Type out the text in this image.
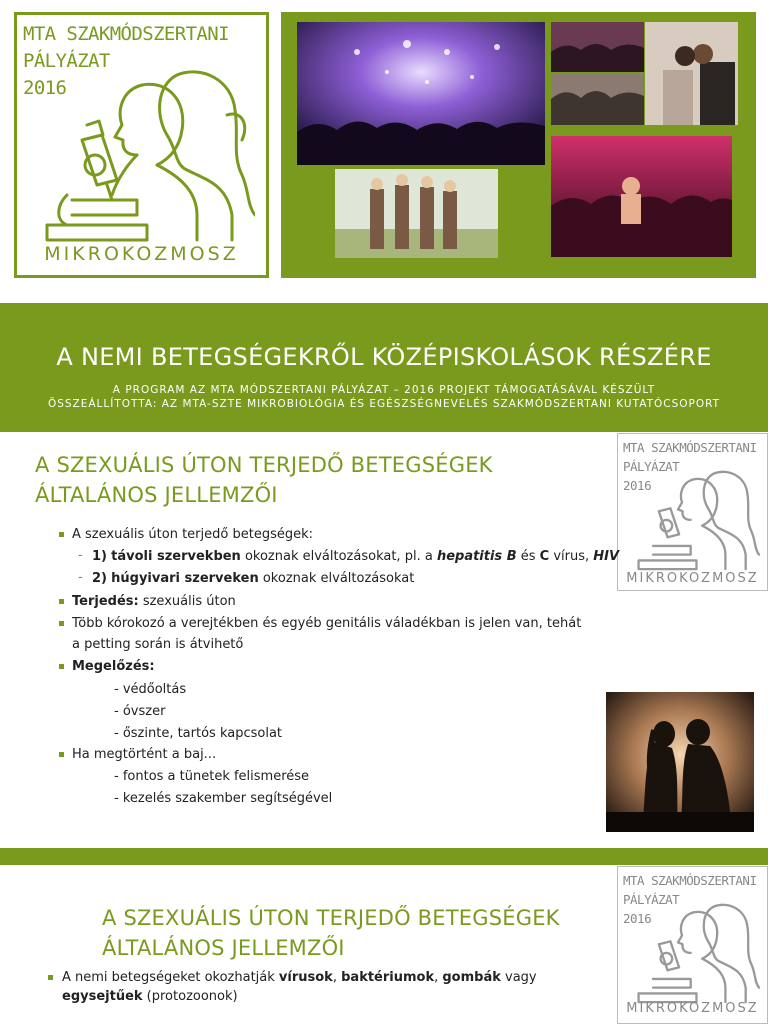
MTA SZAKMÓDSZERTANI
PÁLYÁZAT
2016
MIKROKOZMOSZ
A NEMI BETEGSÉGEKRŐL KÖZÉPISKOLÁSOK RÉSZÉRE
A PROGRAM AZ MTA MÓDSZERTANI PÁLYÁZAT – 2016 PROJEKT TÁMOGATÁSÁVAL KÉSZÜLT
ÖSSZEÁLLÍTOTTA: AZ MTA-SZTE MIKROBIOLÓGIA ÉS EGÉSZSÉGNEVELÉS SZAKMÓDSZERTANI KUTATÓCSOPORT
A SZEXUÁLIS ÚTON TERJEDŐ BETEGSÉGEK
ÁLTALÁNOS JELLEMZŐI
MTA SZAKMÓDSZERTANI
PÁLYÁZAT
2016
MIKROKOZMOSZ
A szexuális úton terjedő betegségek:
- 1) távoli szervekben okoznak elváltozásokat, pl. a hepatitis B és C vírus, HIV
- 2) húgyivari szerveken okoznak elváltozásokat
Terjedés: szexuális úton
Több kórokozó a verejtékben és egyéb genitális váladékban is jelen van, tehát
a petting során is átvihető
Megelőzés:
- védőoltás
- óvszer
- őszinte, tartós kapcsolat
Ha megtörtént a baj...
- fontos a tünetek felismerése
- kezelés szakember segítségével
A SZEXUÁLIS ÚTON TERJEDŐ BETEGSÉGEK
ÁLTALÁNOS JELLEMZŐI
MTA SZAKMÓDSZERTANI
PÁLYÁZAT
2016
MIKROKOZMOSZ
A nemi betegségeket okozhatják vírusok, baktériumok, gombák vagy
egysejtűek (protozoonok)
